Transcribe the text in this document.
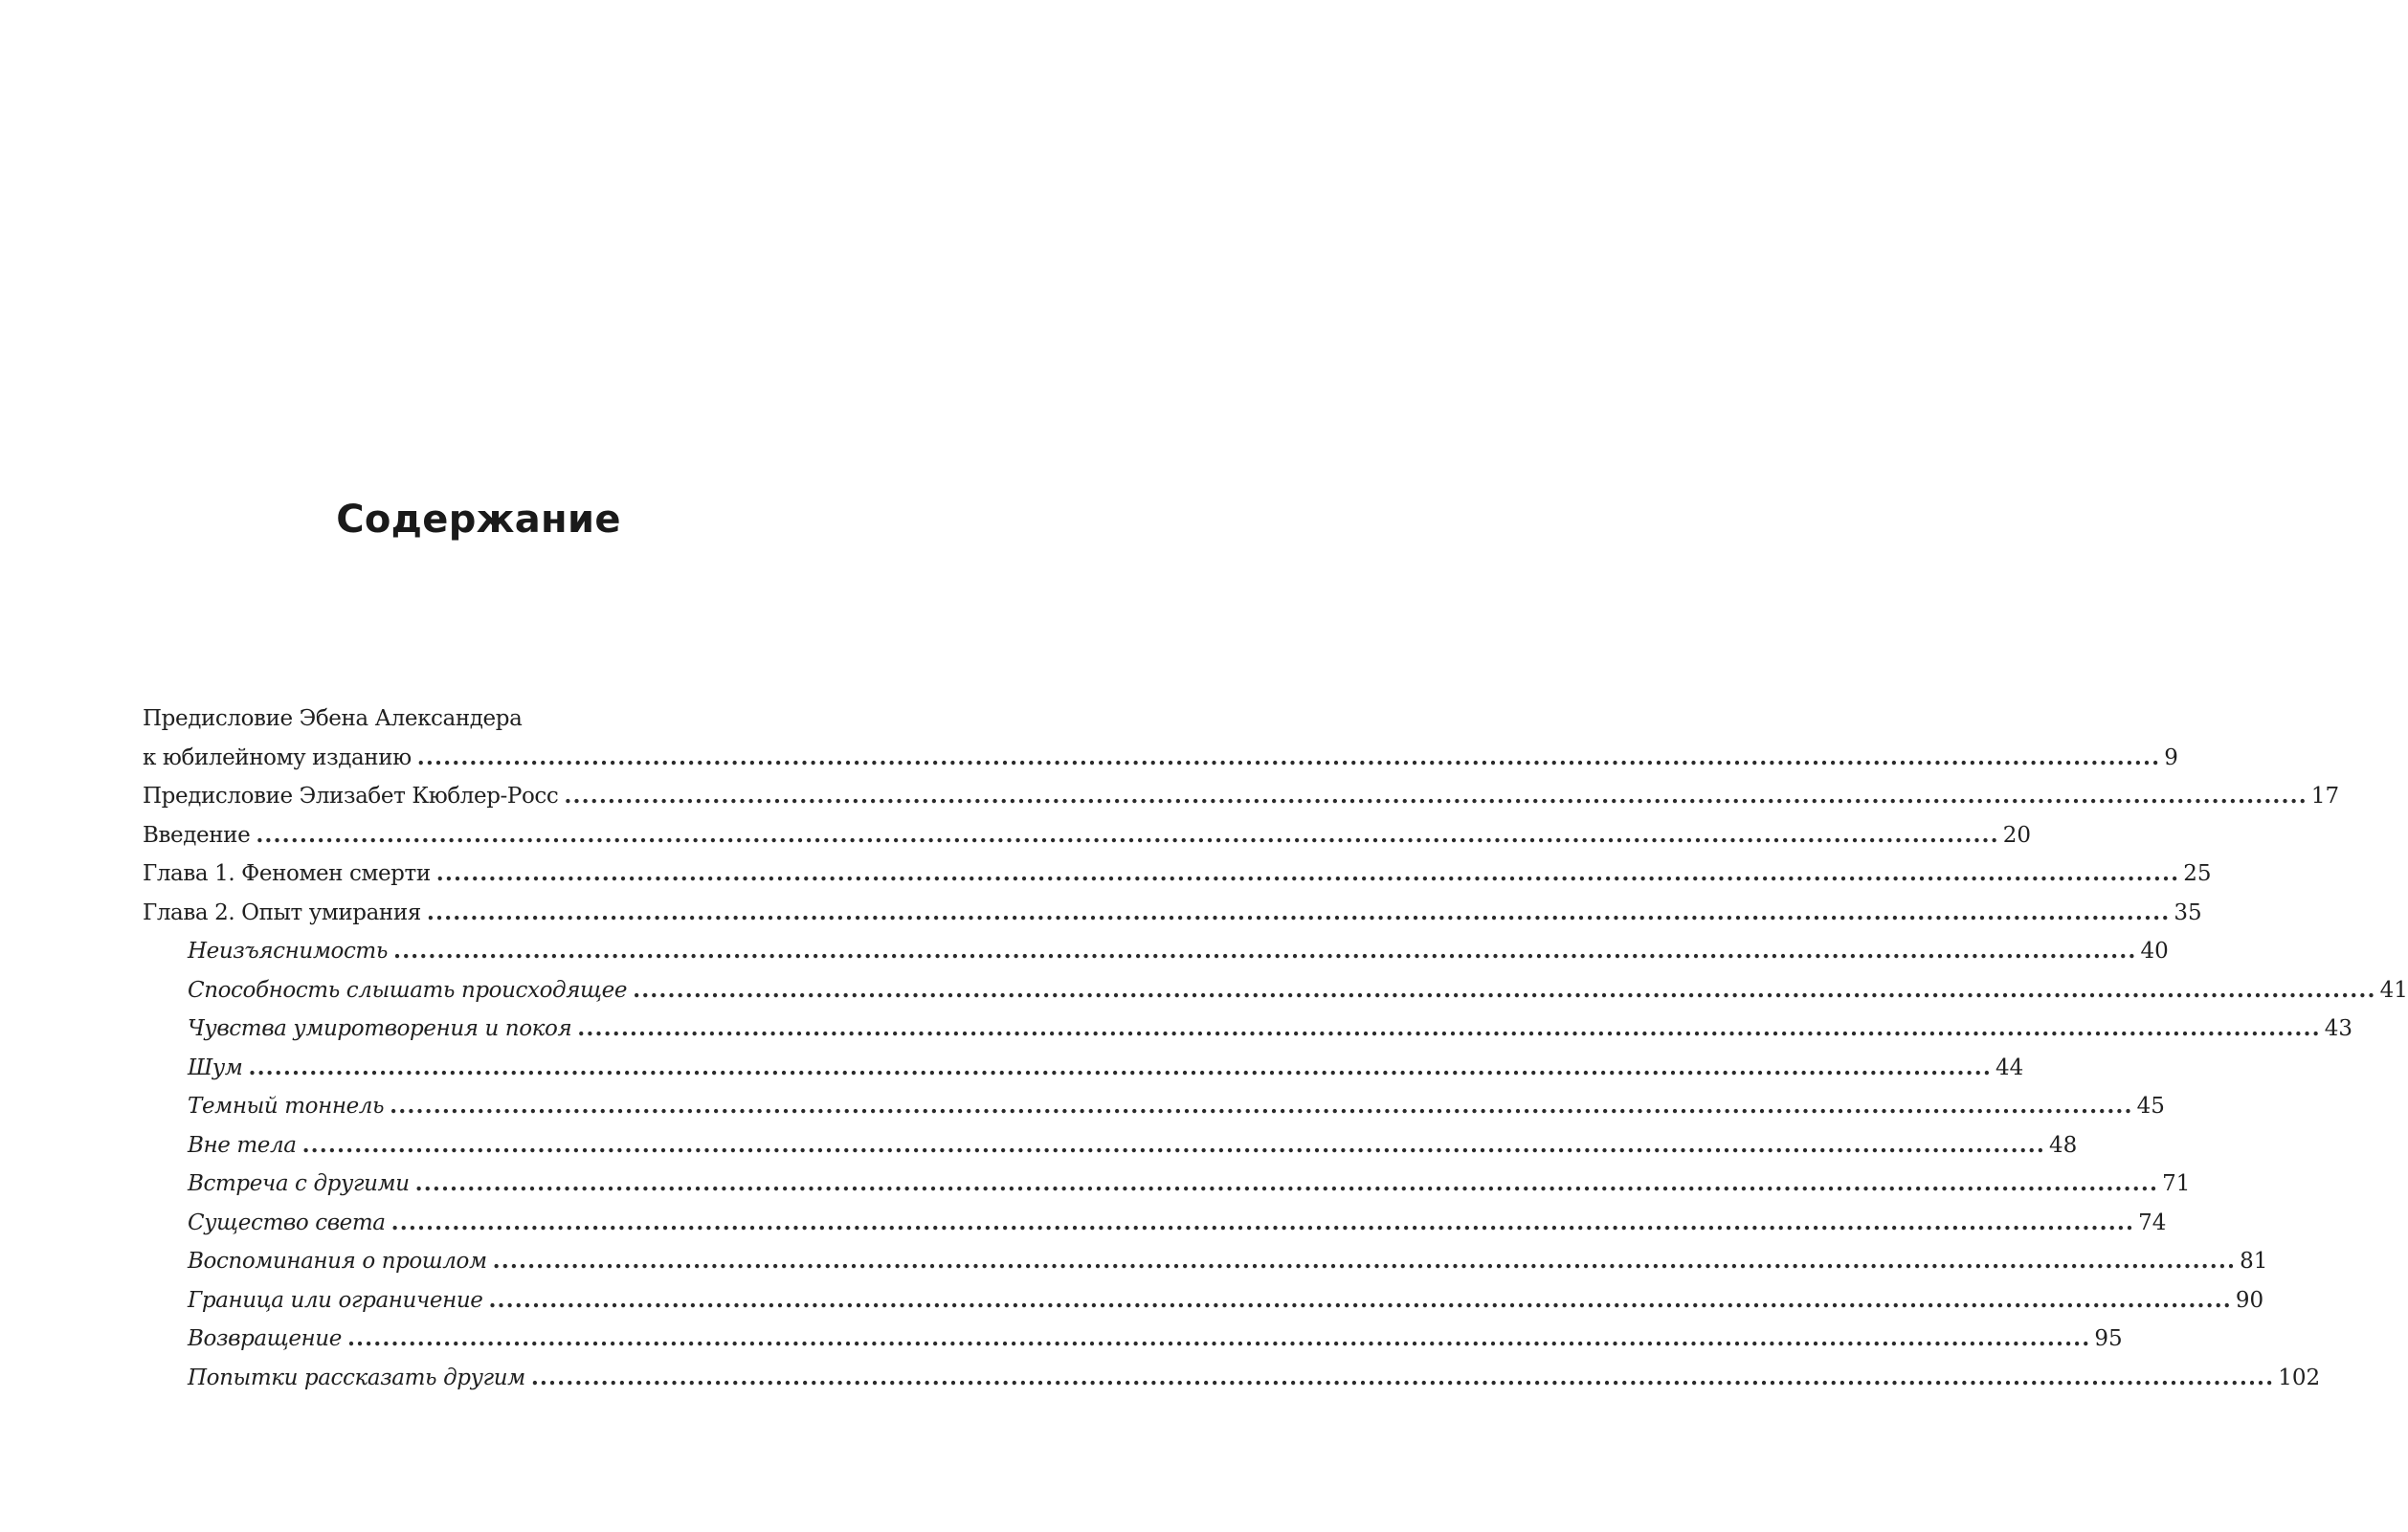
Содержание
Предисловие Эбена Александера
к юбилейному изданию ........................................................................................................................................................................................................ 9
Предисловие Элизабет Кюблер-Росс ........................................................................................................................................................................................................ 17
Введение ........................................................................................................................................................................................................ 20
Глава 1. Феномен смерти ........................................................................................................................................................................................................ 25
Глава 2. Опыт умирания ........................................................................................................................................................................................................ 35
Неизъяснимость ........................................................................................................................................................................................................ 40
Способность слышать происходящее ........................................................................................................................................................................................................ 41
Чувства умиротворения и покоя ........................................................................................................................................................................................................ 43
Шум ........................................................................................................................................................................................................ 44
Темный тоннель ........................................................................................................................................................................................................ 45
Вне тела ........................................................................................................................................................................................................ 48
Встреча с другими ........................................................................................................................................................................................................ 71
Существо света ........................................................................................................................................................................................................ 74
Воспоминания о прошлом ........................................................................................................................................................................................................ 81
Граница или ограничение ........................................................................................................................................................................................................ 90
Возвращение ........................................................................................................................................................................................................ 95
Попытки рассказать другим ........................................................................................................................................................................................................ 102
